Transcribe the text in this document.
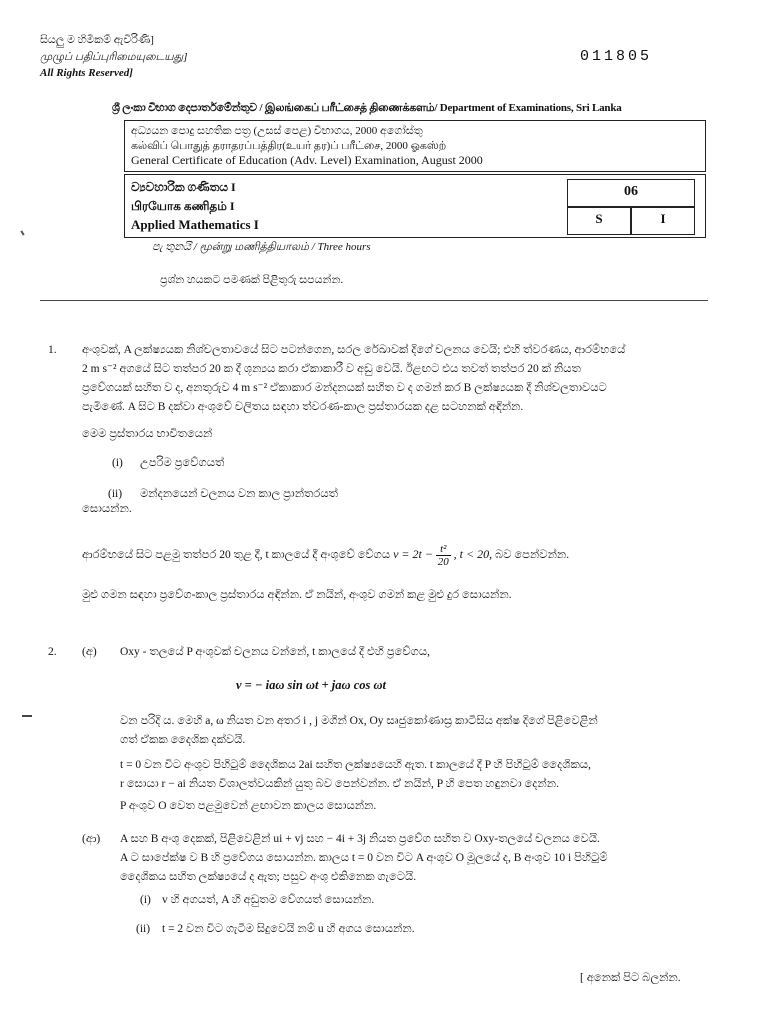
සියලු ම හිමිකම් ඇවිරිණි]
முழுப் பதிப்புரிமையுடையது]
All Rights Reserved]
011805
ශ්‍රී ලංකා විභාග දෙපාර්තමේන්තුව / இலங்கைப் பரீட்சைத் திணைக்களம்/ Department of Examinations, Sri Lanka
අධ්‍යයන පොදු සහතික පත්‍ර (උසස් පෙළ) විභාගය, 2000 අගෝස්තු
கல்விப் பொதுத் தராதரப்பத்திர(உயர் தர)ப் பரீட்சை, 2000 ஓகஸ்ற்
General Certificate of Education (Adv. Level) Examination, August 2000
ව්‍යවහාරික ගණිතය I
பிரயோக கணிதம் I
Applied Mathematics I
06
S	I
පැ තුනයි / மூன்று மணித்தியாலம் / Three hours
ප්‍රශ්න හයකට පමණක් පිළිතුරු සපයන්න.
1. අංශුවක්, A ලක්ෂ්‍යයක නිශ්චලතාවයේ සිට පටන්ගෙන, සරල රේඛාවක් දිගේ චලනය වෙයි; එහි ත්වරණය, ආරම්භයේ
2 m s⁻² අගයේ සිට තත්පර 20 ක දී ශූන්‍යය කරා ඒකාකාරී ව අඩු වෙයි. ඊළඟට එය තවත් තත්පර 20 ක් නියත
ප්‍රවේගයක් සහිත ව ද, අනතුරුව 4 m s⁻² ඒකාකාර මන්දනයක් සහිත ව ද ගමන් කර B ලක්ෂ්‍යයක දී නිශ්චලතාවයට
පැමිණේ. A සිට B දක්වා අංශුවේ චලිතය සඳහා ත්වරණ-කාල ප්‍රස්තාරයක දළ සටහනක් අඳින්න.
මෙම ප්‍රස්තාරය භාවිතයෙන්
(i) උපරිම ප්‍රවේගයත්
(ii) මන්දනයෙන් චලනය වන කාල ප්‍රාන්තරයත්
සොයන්න.
ආරම්භයේ සිට පළමු තත්පර 20 තුළ දී, t කාලයේ දී අංශුවේ වේගය $v = 2t - \frac{\text{t²}}{20}$ , t < 20, බව පෙන්වන්න.
මුළු ගමන සඳහා ප්‍රවේග-කාල ප්‍රස්තාරය අඳින්න. ඒ නයින්, අංශුව ගමන් කළ මුළු දුර සොයන්න.
2. (අ) Oxy - තලයේ P අංශුවක් චලනය වන්නේ, t කාලයේ දී එහි ප්‍රවේගය,
v = − iaω sin ωt + jaω cos ωt
වන පරිදි ය. මෙහි a, ω නියත වන අතර i , j මගින් Ox, Oy සෘජුකෝණාස්‍ර කාටීසිය අක්ෂ දිගේ පිළිවෙළින්
ගත් ඒකක දෛශික දක්වයි.
t = 0 වන විට අංශුව පිහිටුම් දෛශිකය 2ai සහිත ලක්ෂ්‍යයෙහි ඇත. t කාලයේ දී P හි පිහිටුම් දෛශිකය,
r සොයා r − ai නියත විශාලත්වයකින් යුතු බව පෙන්වන්න. ඒ නයින්, P හි පෙත හඳුනවා දෙන්න.
P අංශුව O වෙත පළමුවෙන් ළඟාවන කාලය සොයන්න.
(ආ) A සහ B අංශු දෙකක්, පිළිවෙළින් ui + vj සහ − 4i + 3j නියත ප්‍රවේග සහිත ව Oxy-තලයේ චලනය වෙයි.
A ට සාපේක්ෂ ව B හි ප්‍රවේගය සොයන්න. කාලය t = 0 වන විට A අංශුව O මූලයේ ද, B අංශුව 10 i පිහිටුම්
දෛශිකය සහිත ලක්ෂ්‍යයේ ද ඇත; පසුව අංශු එකිනෙක ගැටෙයි.
(i) v හි අගයත්, A හි අඩුතම වේගයත් සොයන්න.
(ii) t = 2 වන විට ගැටීම සිදුවෙයි නම් u හි අගය සොයන්න.
[ අනෙක් පිට බලන්න.
